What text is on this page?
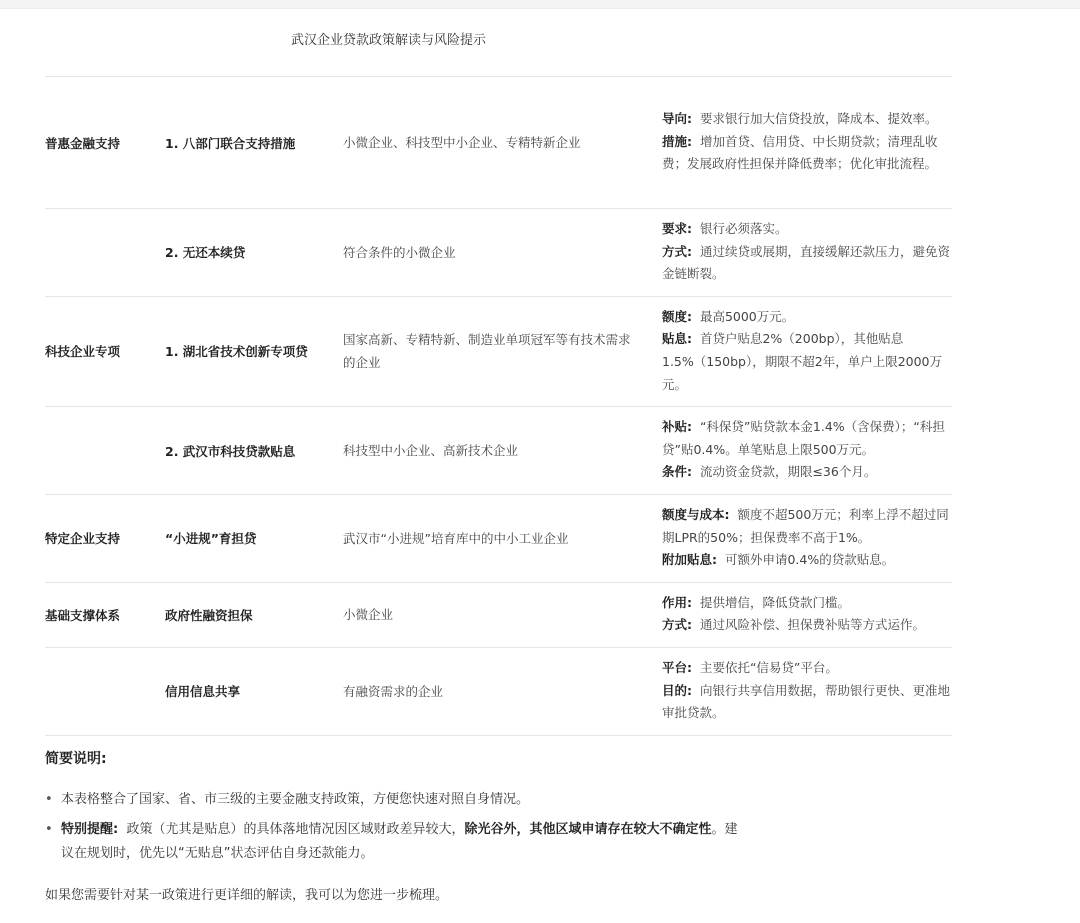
武汉企业贷款政策解读与风险提示
普惠金融支持	1. 八部门联合支持措施	小微企业、科技型中小企业、专精特新企业	导向: 要求银行加大信贷投放，降成本、提效率。
措施: 增加首贷、信用贷、中长期贷款；清理乱收费；发展政府性担保并降低费率；优化审批流程。
	2. 无还本续贷	符合条件的小微企业	要求: 银行必须落实。
方式: 通过续贷或展期，直接缓解还款压力，避免资金链断裂。
科技企业专项	1. 湖北省技术创新专项贷	国家高新、专精特新、制造业单项冠军等有技术需求的企业	额度: 最高5000万元。
贴息: 首贷户贴息2%（200bp），其他贴息1.5%（150bp），期限不超2年，单户上限2000万元。
	2. 武汉市科技贷款贴息	科技型中小企业、高新技术企业	补贴: “科保贷”贴贷款本金1.4%（含保费）；“科担贷”贴0.4%。单笔贴息上限500万元。
条件: 流动资金贷款，期限≤36个月。
特定企业支持	“小进规”育担贷	武汉市“小进规”培育库中的中小工业企业	额度与成本: 额度不超500万元；利率上浮不超过同期LPR的50%；担保费率不高于1%。
附加贴息: 可额外申请0.4%的贷款贴息。
基础支撑体系	政府性融资担保	小微企业	作用: 提供增信，降低贷款门槛。
方式: 通过风险补偿、担保费补贴等方式运作。
	信用信息共享	有融资需求的企业	平台: 主要依托“信易贷”平台。
目的: 向银行共享信用数据，帮助银行更快、更准地审批贷款。
简要说明:
• 本表格整合了国家、省、市三级的主要金融支持政策，方便您快速对照自身情况。
• 特别提醒: 政策（尤其是贴息）的具体落地情况因区域财政差异较大，除光谷外，其他区域申请存在较大不确定性。建议在规划时，优先以“无贴息”状态评估自身还款能力。
如果您需要针对某一政策进行更详细的解读，我可以为您进一步梳理。
